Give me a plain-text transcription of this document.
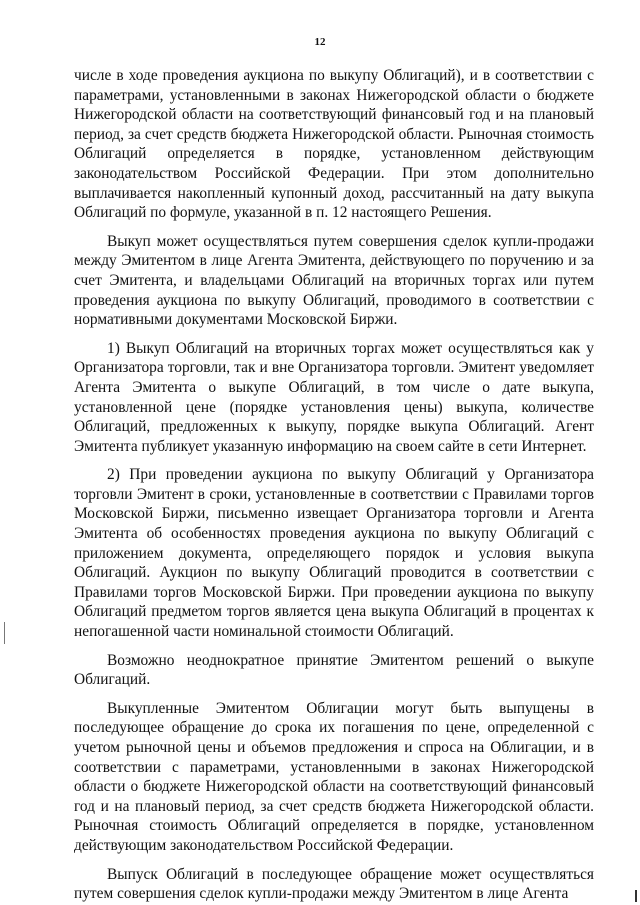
12

числе в ходе проведения аукциона по выкупу Облигаций), и в соответствии с параметрами, установленными в законах Нижегородской области о бюджете Нижегородской области на соответствующий финансовый год и на плановый период, за счет средств бюджета Нижегородской области. Рыночная стоимость Облигаций определяется в порядке, установленном действующим законодательством Российской Федерации. При этом дополнительно выплачивается накопленный купонный доход, рассчитанный на дату выкупа Облигаций по формуле, указанной в п. 12 настоящего Решения.

Выкуп может осуществляться путем совершения сделок купли-продажи между Эмитентом в лице Агента Эмитента, действующего по поручению и за счет Эмитента, и владельцами Облигаций на вторичных торгах или путем проведения аукциона по выкупу Облигаций, проводимого в соответствии с нормативными документами Московской Биржи.

1) Выкуп Облигаций на вторичных торгах может осуществляться как у Организатора торговли, так и вне Организатора торговли. Эмитент уведомляет Агента Эмитента о выкупе Облигаций, в том числе о дате выкупа, установленной цене (порядке установления цены) выкупа, количестве Облигаций, предложенных к выкупу, порядке выкупа Облигаций. Агент Эмитента публикует указанную информацию на своем сайте в сети Интернет.

2) При проведении аукциона по выкупу Облигаций у Организатора торговли Эмитент в сроки, установленные в соответствии с Правилами торгов Московской Биржи, письменно извещает Организатора торговли и Агента Эмитента об особенностях проведения аукциона по выкупу Облигаций с приложением документа, определяющего порядок и условия выкупа Облигаций. Аукцион по выкупу Облигаций проводится в соответствии с Правилами торгов Московской Биржи. При проведении аукциона по выкупу Облигаций предметом торгов является цена выкупа Облигаций в процентах к непогашенной части номинальной стоимости Облигаций.

Возможно неоднократное принятие Эмитентом решений о выкупе Облигаций.

Выкупленные Эмитентом Облигации могут быть выпущены в последующее обращение до срока их погашения по цене, определенной с учетом рыночной цены и объемов предложения и спроса на Облигации, и в соответствии с параметрами, установленными в законах Нижегородской области о бюджете Нижегородской области на соответствующий финансовый год и на плановый период, за счет средств бюджета Нижегородской области. Рыночная стоимость Облигаций определяется в порядке, установленном действующим законодательством Российской Федерации.

Выпуск Облигаций в последующее обращение может осуществляться путем совершения сделок купли-продажи между Эмитентом в лице Агента
